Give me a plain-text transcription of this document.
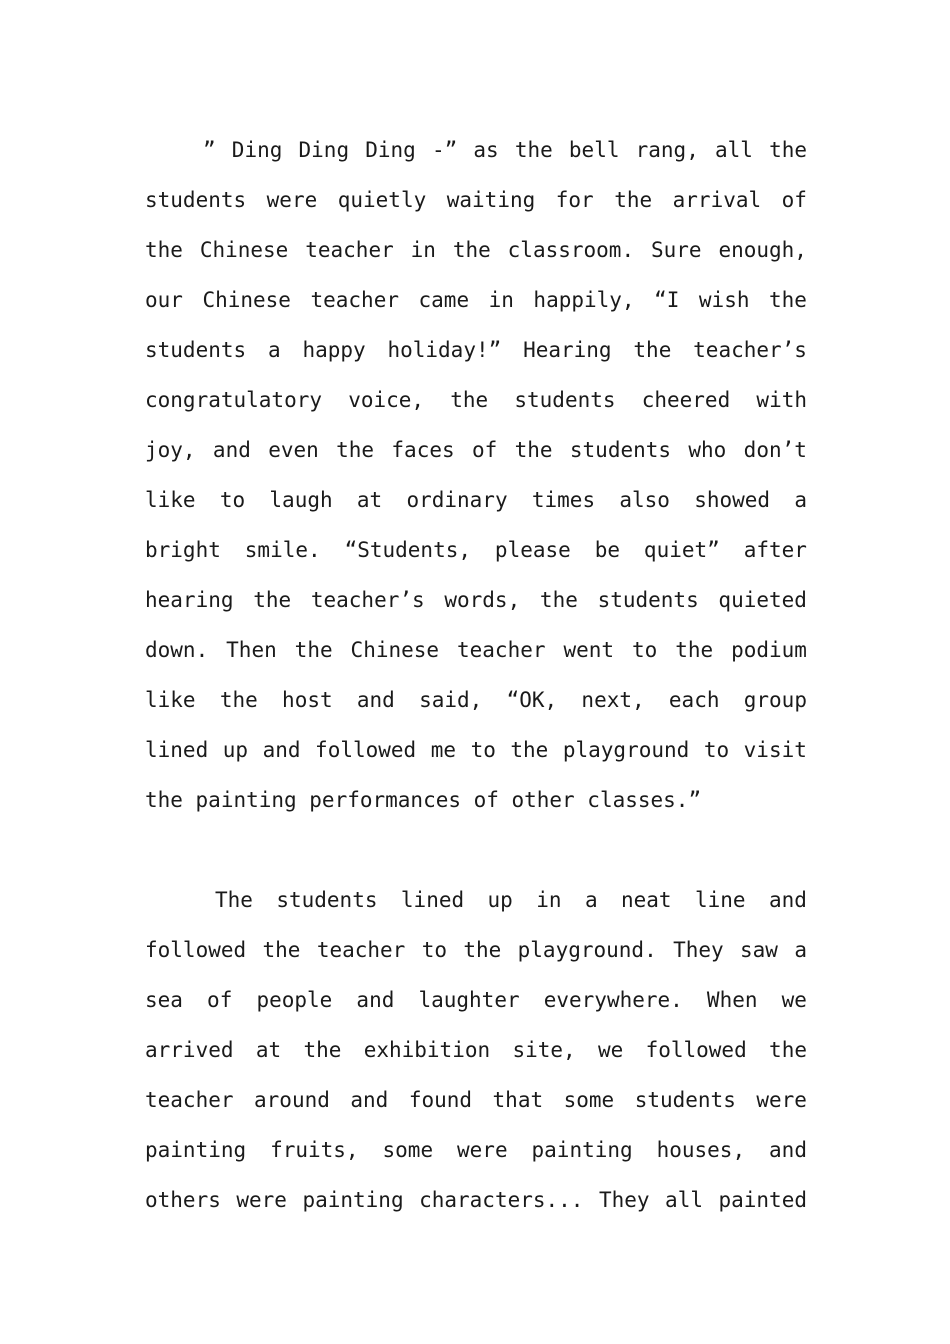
” Ding Ding Ding -” as the bell rang, all the
students were quietly waiting for the arrival of
the Chinese teacher in the classroom. Sure enough,
our Chinese teacher came in happily, “I wish the
students a happy holiday!” Hearing the teacher’s
congratulatory voice, the students cheered with
joy, and even the faces of the students who don’t
like to laugh at ordinary times also showed a
bright smile. “Students, please be quiet” after
hearing the teacher’s words, the students quieted
down. Then the Chinese teacher went to the podium
like the host and said, “OK, next, each group
lined up and followed me to the playground to visit
the painting performances of other classes.”
The students lined up in a neat line and
followed the teacher to the playground. They saw a
sea of people and laughter everywhere. When we
arrived at the exhibition site, we followed the
teacher around and found that some students were
painting fruits, some were painting houses, and
others were painting characters... They all painted
